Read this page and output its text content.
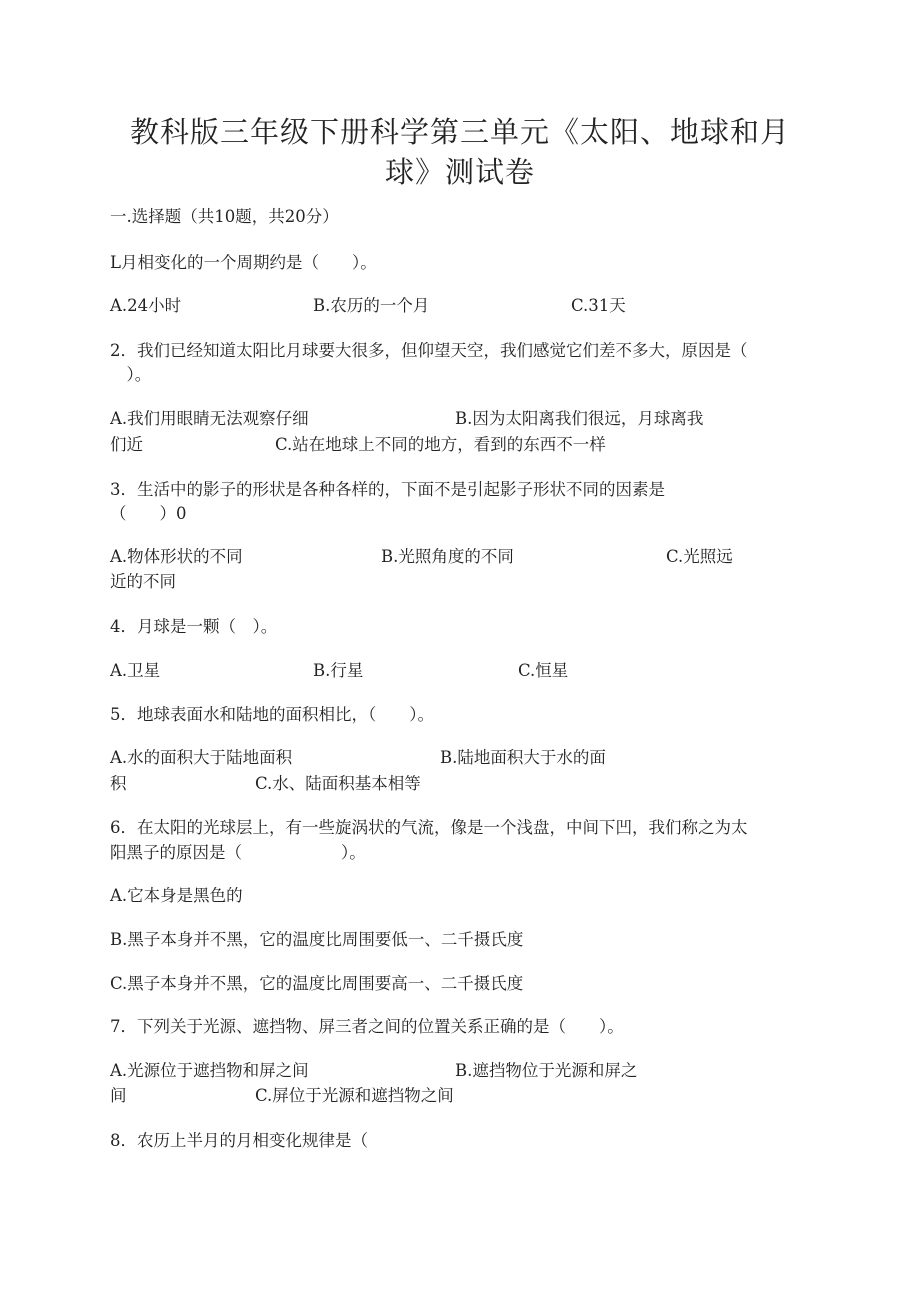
教科版三年级下册科学第三单元《太阳、地球和月
球》测试卷
一.选择题（共10题，共20分）
L月相变化的一个周期约是（　　）。
A.24小时	B.农历的一个月	C.31天
2．我们已经知道太阳比月球要大很多，但仰望天空，我们感觉它们差不多大，原因是（
　）。
A.我们用眼睛无法观察仔细	B.因为太阳离我们很远，月球离我
们近	C.站在地球上不同的地方，看到的东西不一样
3．生活中的影子的形状是各种各样的，下面不是引起影子形状不同的因素是
（　　）0
A.物体形状的不同	B.光照角度的不同	C.光照远
近的不同
4．月球是一颗（　）。
A.卫星	B.行星	C.恒星
5．地球表面水和陆地的面积相比，（　　）。
A.水的面积大于陆地面积	B.陆地面积大于水的面
积	C.水、陆面积基本相等
6．在太阳的光球层上，有一些旋涡状的气流，像是一个浅盘，中间下凹，我们称之为太
阳黑子的原因是（　　　　　　）。
A.它本身是黑色的
B.黑子本身并不黑，它的温度比周围要低一、二千摄氏度
C.黑子本身并不黑，它的温度比周围要高一、二千摄氏度
7．下列关于光源、遮挡物、屏三者之间的位置关系正确的是（　　）。
A.光源位于遮挡物和屏之间	B.遮挡物位于光源和屏之
间	C.屏位于光源和遮挡物之间
8．农历上半月的月相变化规律是（
